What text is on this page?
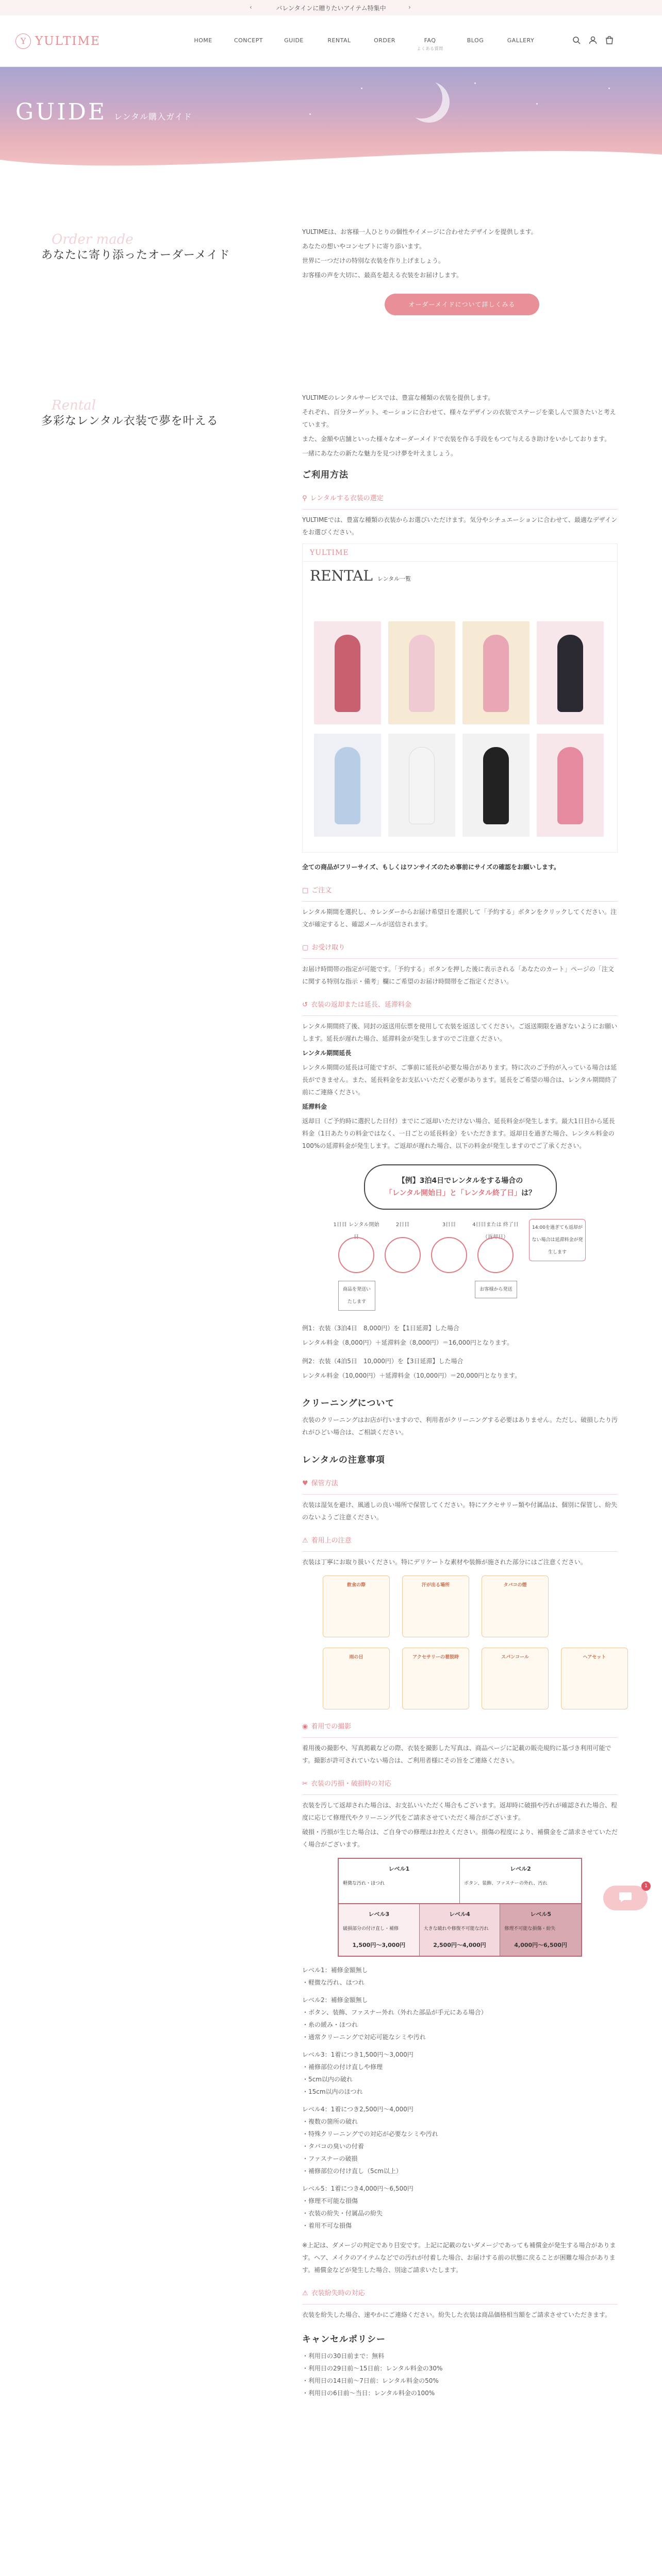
‹	バレンタインに贈りたいアイテム特集中	›
Y YULTIME	HOME	CONCEPT	GUIDE	RENTAL	ORDER	FAQ
よくある質問
BLOG	GALLERY
GUIDE レンタル購入ガイド
Order made
あなたに寄り添ったオーダーメイド

YULTIMEは、お客様一人ひとりの個性やイメージに合わせたデザインを提供します。

あなたの想いやコンセプトに寄り添います。

世界に一つだけの特別な衣装を作り上げましょう。

お客様の声を大切に、最高を超える衣装をお届けします。

オーダーメイドについて詳しくみる
Rental
多彩なレンタル衣装で夢を叶える

YULTIMEのレンタルサービスでは、豊富な種類の衣装を提供します。

それぞれ、百分ターゲット、モーションに合わせて、様々なデザインの衣装でステージを楽しんで頂きたいと考えています。

また、金額や店舗といった様々なオーダーメイドで衣装を作る手段をもつて与えるき助けをいかしております。

一緒にあなたの新たな魅力を見つけ夢を叶えましょう。

ご利用方法
⚲ レンタルする衣装の選定

YULTIMEでは、豊富な種類の衣装からお選びいただけます。気分やシチュエーションに合わせて、最適なデザインをお選びください。

YULTIME
RENTAL レンタル一覧

全ての商品がフリーサイズ、もしくはワンサイズのため事前にサイズの確認をお願いします。

□ ご注文

レンタル期間を選択し、カレンダーからお届け希望日を選択して「予約する」ボタンをクリックしてください。注文が確定すると、確認メールが送信されます。

▢ お受け取り

お届け時間帯の指定が可能です。「予約する」ボタンを押した後に表示される「あなたのカート」ページの「注文に関する特別な指示・備考」欄にご希望のお届け時間帯をご指定ください。

↺ 衣装の返却または延長、延滞料金

レンタル期間終了後、同封の返送用伝票を使用して衣装を返送してください。ご返送期限を過ぎないようにお願いします。延長が遅れた場合、延滞料金が発生しますのでご注意ください。

レンタル期間延長

レンタル期間の延長は可能ですが、ご事前に延長が必要な場合があります。特に次のご予約が入っている場合は延長ができません。また、延長料金をお支払いいただく必要があります。延長をご希望の場合は、レンタル期間終了前にご連絡ください。

延滞料金

返却日（ご予約時に選択した日付）までにご返却いただけない場合、延長料金が発生します。最大1日目から延長料金（1日あたりの料金ではなく、一日ごとの延長料金）をいただきます。返却日を過ぎた場合、レンタル料金の100%の延滞料金が発生します。ご返却が遅れた場合、以下の料金が発生しますのでご了承ください。

【例】3泊4日でレンタルをする場合の
「レンタル開始日」と「レンタル終了日」は？
1日目 レンタル開始日
2日目	3日目	4日目または 終了日（返却日）
商品を発送いたします
お客様から発送
14:00を過ぎても返却がない場合は延滞料金が発生します

例1：衣装（3泊4日　8,000円）を【1日延滞】した場合

レンタル料金（8,000円）＋延滞料金（8,000円）＝16,000円となります。

例2：衣装（4泊5日　10,000円）を【3日延滞】した場合

レンタル料金（10,000円）＋延滞料金（10,000円）＝20,000円となります。

クリーニングについて

衣装のクリーニングはお店が行いますので、利用者がクリーニングする必要はありません。ただし、破損したり汚れがひどい場合は、ご相談ください。

レンタルの注意事項
♥ 保管方法

衣装は湿気を避け、風通しの良い場所で保管してください。特にアクセサリー類や付属品は、個別に保管し、紛失のないようご注意ください。

⚠ 着用上の注意

衣装は丁寧にお取り扱いください。特にデリケートな素材や装飾が施された部分にはご注意ください。

飲食の際	汗が出る場所	タバコの煙
雨の日	アクセサリーの着脱時	スパンコール	ヘアセット
◉ 着用での撮影

着用後の撮影や、写真掲載などの際、衣装を撮影した写真は、商品ページに記載の販売規約に基づき利用可能です。撮影が許可されていない場合は、ご利用者様にその旨をご連絡ください。

✂ 衣装の汚損・破損時の対応

衣装を汚して返却された場合は、お支払いいただく場合もございます。返却時に破損や汚れが確認された場合、程度に応じて修理代やクリーニング代をご請求させていただく場合がございます。

破損・汚損が生じた場合は、ご自身での修理はお控えください。損傷の程度により、補償金をご請求させていただく場合がございます。

レベル1
軽微な汚れ・ほつれ
レベル2
ボタン、装飾、ファスナーの外れ、汚れ
レベル3
破損部分の付け直し・補修
1,500円〜3,000円
レベル4
大きな破れや修復不可能な汚れ
2,500円〜4,000円
レベル5
修理不可能な損傷・紛失
4,000円〜6,500円
レベル1：補修金額無し
・軽微な汚れ、ほつれ
レベル2：補修金額無し
・ボタン、装飾、ファスナー外れ（外れた部品が手元にある場合）
・糸の緩み・ほつれ
・通常クリーニングで対応可能なシミや汚れ
レベル3：1着につき1,500円〜3,000円
・補修部位の付け直しや修理
・5cm以内の破れ
・15cm以内のほつれ
レベル4：1着につき2,500円〜4,000円
・複数の箇所の破れ
・特殊クリーニングでの対応が必要なシミや汚れ
・タバコの臭いの付着
・ファスナーの破損
・補修部位の付け直し（5cm以上）
レベル5：1着につき4,000円〜6,500円
・修理不可能な損傷
・衣装の紛失・付属品の紛失
・着用不可な損傷

※上記は、ダメージの判定であり目安です。上記に記載のないダメージであっても補償金が発生する場合があります。ヘア、メイクのアイテムなどでの汚れが付着した場合、お届けする前の状態に戻ることが困難な場合があります。補償金などが発生した場合、別途ご請求いたします。

⚠ 衣装紛失時の対応

衣装を紛失した場合、速やかにご連絡ください。紛失した衣装は商品価格相当額をご請求させていただきます。

キャンセルポリシー
・利用日の30日前まで：無料
・利用日の29日前〜15日前：レンタル料金の30%
・利用日の14日前〜7日前：レンタル料金の50%
・利用日の6日前〜当日：レンタル料金の100%
1
